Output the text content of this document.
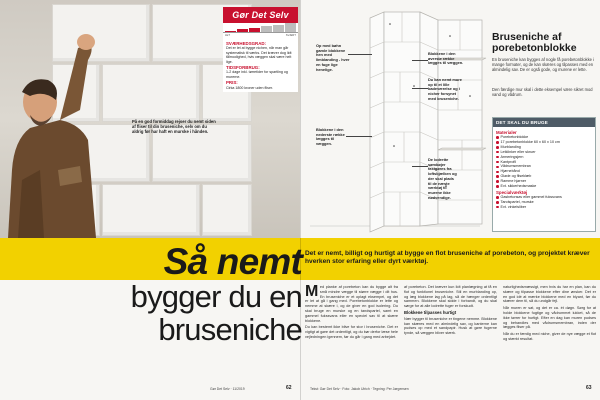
På en god formiddag rejser du nemt siden af fliser til din bruseniche, selv om du aldrig før har haft en murske i hånden.
Gør Det Selv
LET	SVÆRT
SVÆRHEDSGRAD:
Det er let at bygge nichen, når man går systematisk til værks. Det kræver dog lidt tålmodighed, hvis væggen skal være helt lige.
TIDSFORBRUG:
1-2 dage inkl. tørretider for spartling og murerne.
PRIS:
Cirka 1800 kroner uden fliser.
Op med bøhn gamle blokkene hen med limblanding - hver en fuge lige henelige.
Blokkene i den nederste række lægges til væggen.
Blokkene i den øverste række lægges til væggen.
Du kan nemt mure op til et lille badeværelse og i nicher forsynet med bruseniche.
De lodrette sømbøjer fastgøres fra loftsbjælken og der skal plads til de næste værktøj til murene ikke nødvendige.
Bruseniche af porebetonblokke
En bruseniche kan bygges af nogle få porebetonblokke i mange formater, og de kan skæres og tilpasses med en almindelig sav. De er også gode, og murene er lette.
Den færdige mur skal i dette eksempel være sikret mod vand og vådrum.
DET SKAL DU BRUGE
Materialer
Porebetonblokke
17 porebetonblokke 60 x 60 x 10 cm
Murblanding
Letklinker eller skruer
Armeringsjern
Kantprofil
Vådrumsmembran
Hjørnebånd
Gløde og fliseklæb
Ramme hjørner
Evt. sikkerhedsmaske
Specialværktøj
Gasbetonsav eller gammel fukssvans
Tandspartel, murske
Evt. vinkelsliber
Så nemt
bygger du en
bruseniche
Det er nemt, billigt og hurtigt at bygge en flot bruseniche af porebeton, og projektet kræver hverken stor erfaring eller dyrt værktøj.
M ed planke af porebeton kan du bygge alt fra små mindre vægge til større vægge i dit hus. En bruseniche er et oplagt eksempel, og det er let at gå i gang med. Porebetonblokke er lette og nemme at skære i, og de giver en god isolering. Du skal bruge en murske og en tandspartel, samt en gammel fukssvans eller en speciel sav til at skære blokkene.

Du kan bestemt ikke blive for stor i bruseniche. Det er vigtigt at gøre det ordentligt, og du bør derfor læse hele vejledningen igennem, før du går i gang med arbejdet.

af porebeton. Det kræver kun lidt planlægning at få en flot og funktionel bruseniche. Stil en murblanding op, og læg blokkene lag på lag, så de hænger ordentligt sammen. Blokkene skal sidde i forbandt, og du skal sørge for at alle lodrette fuger er forskudt.

Blokkene tilpasses hurtigt

Nær bygger til bruseniche er tingene nemme. Blokkene kan skæres med en almindelig sav, og kanterne kan pudses op med et sandpapir. Husk at gøre fugerne tynde, så væggen bliver stærk.

naturlighedsmæssigt, men hvis du har en plan, kan du skære og tilpasse blokkene efter dine ønsker. Det er en god idé at mærke blokkene med en blyant, før du skærer dem til, så du undgår fejl.

Når muren er sat, og det er ca. ét døgn. Sørg for at holde blokkene fugtige og vådrummet lukket, så de ikke tørrer for hurtigt. Efter en dag kan muren pudses og behandles med vådrumsmembran, inden der lægges fliser på.

Når du er færdig med niche, giver de nye vægge et flot og stærkt resultat.

Gør Det Selv · 11/2019	62	Tekst: Gør Det Selv · Foto: Jakob Ulrich · Tegning: Per Jørgensen	63
